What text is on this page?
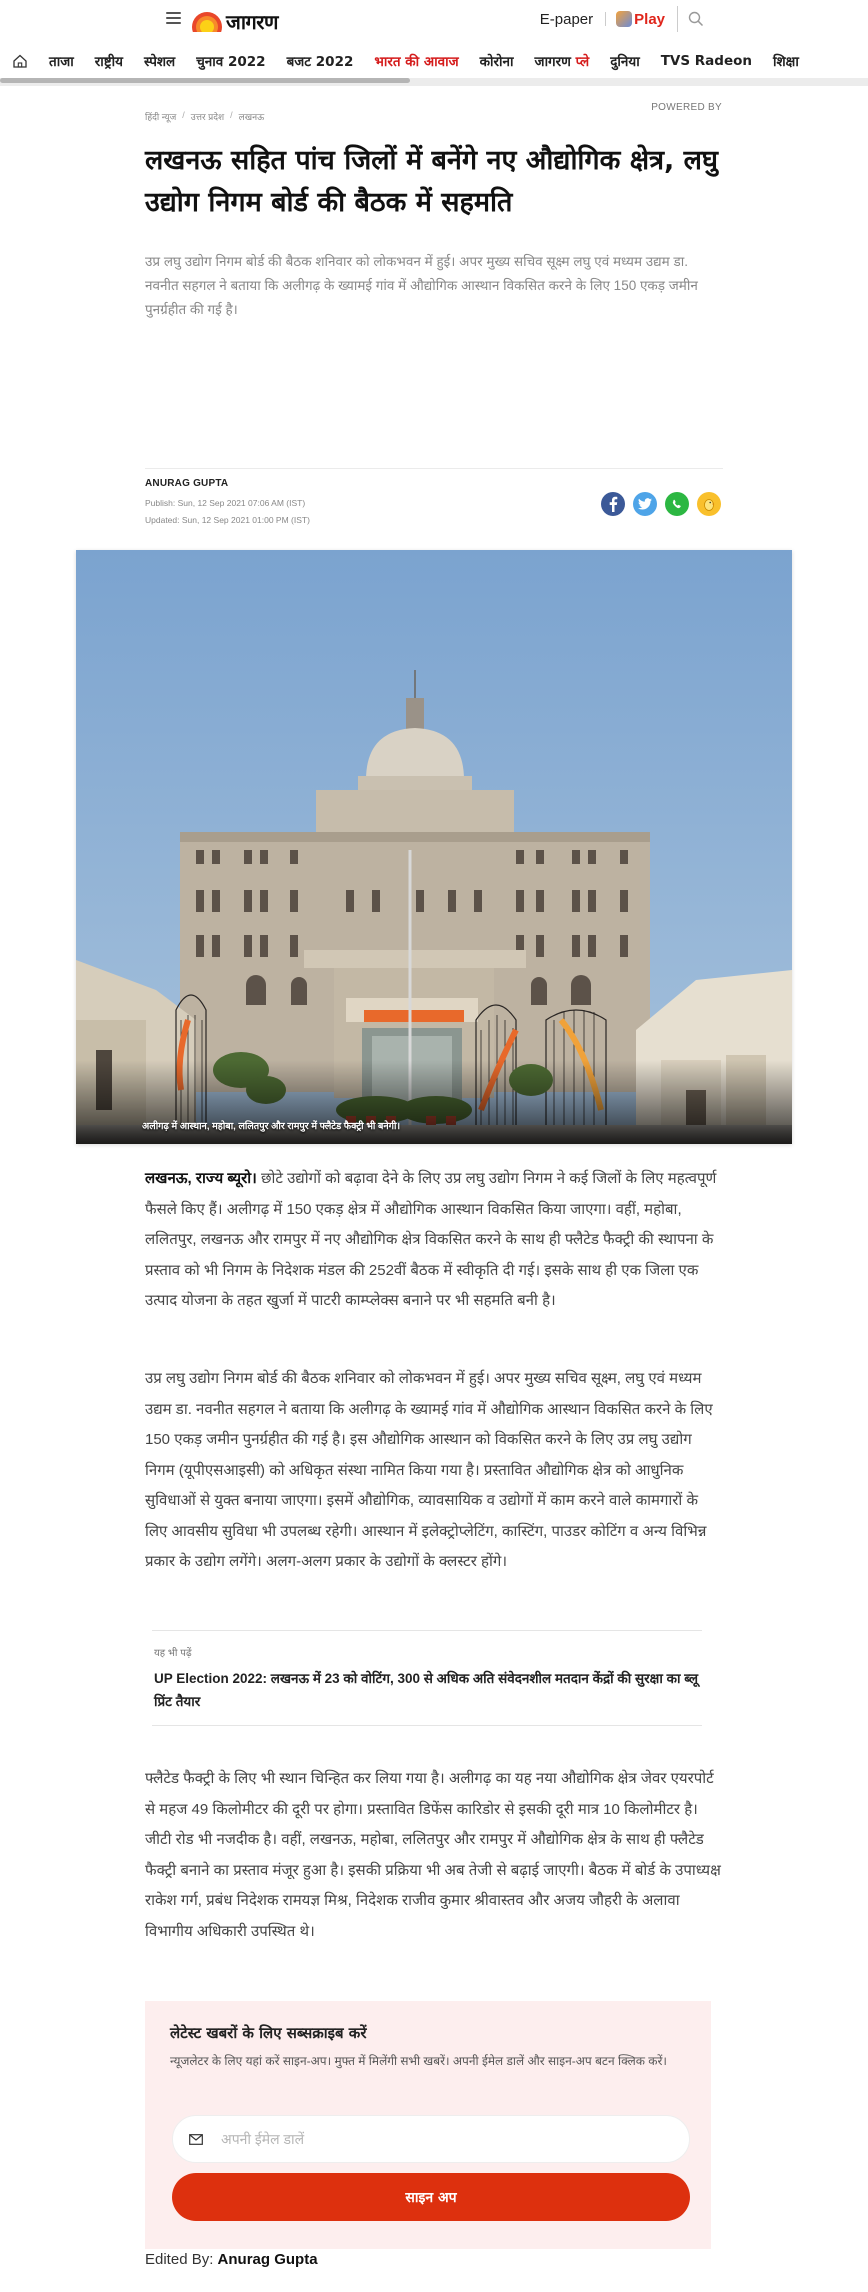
जागरण	E-paper	Play
ताजा राष्ट्रीय स्पेशल चुनाव 2022 बजट 2022 भारत की आवाज कोरोना जागरण प्ले दुनिया TVS Radeon शिक्षा
हिंदी न्यूज / उत्तर प्रदेश / लखनऊ
POWERED BY
लखनऊ सहित पांच जिलों में बनेंगे नए औद्योगिक क्षेत्र, लघु उद्योग निगम बोर्ड की बैठक में सहमति

उप्र लघु उद्योग निगम बोर्ड की बैठक शनिवार को लोकभवन में हुई। अपर मुख्य सचिव सूक्ष्म लघु एवं मध्यम उद्यम डा. नवनीत सहगल ने बताया कि अलीगढ़ के ख्यामई गांव में औद्योगिक आस्थान विकसित करने के लिए 150 एकड़ जमीन पुनर्ग्रहीत की गई है।

ANURAG GUPTA
Publish: Sun, 12 Sep 2021 07:06 AM (IST)
Updated: Sun, 12 Sep 2021 01:00 PM (IST)
अलीगढ़ में आस्थान, महोबा, ललितपुर और रामपुर में फ्लैटेड फैक्ट्री भी बनेगी।

लखनऊ, राज्य ब्यूरो। छोटे उद्योगों को बढ़ावा देने के लिए उप्र लघु उद्योग निगम ने कई जिलों के लिए महत्वपूर्ण फैसले किए हैं। अलीगढ़ में 150 एकड़ क्षेत्र में औद्योगिक आस्थान विकसित किया जाएगा। वहीं, महोबा, ललितपुर, लखनऊ और रामपुर में नए औद्योगिक क्षेत्र विकसित करने के साथ ही फ्लैटेड फैक्ट्री की स्थापना के प्रस्ताव को भी निगम के निदेशक मंडल की 252वीं बैठक में स्वीकृति दी गई। इसके साथ ही एक जिला एक उत्पाद योजना के तहत खुर्जा में पाटरी काम्प्लेक्स बनाने पर भी सहमति बनी है।

उप्र लघु उद्योग निगम बोर्ड की बैठक शनिवार को लोकभवन में हुई। अपर मुख्य सचिव सूक्ष्म, लघु एवं मध्यम उद्यम डा. नवनीत सहगल ने बताया कि अलीगढ़ के ख्यामई गांव में औद्योगिक आस्थान विकसित करने के लिए 150 एकड़ जमीन पुनर्ग्रहीत की गई है। इस औद्योगिक आस्थान को विकसित करने के लिए उप्र लघु उद्योग निगम (यूपीएसआइसी) को अधिकृत संस्था नामित किया गया है। प्रस्तावित औद्योगिक क्षेत्र को आधुनिक सुविधाओं से युक्त बनाया जाएगा। इसमें औद्योगिक, व्यावसायिक व उद्योगों में काम करने वाले कामगारों के लिए आवसीय सुविधा भी उपलब्ध रहेगी। आस्थान में इलेक्ट्रोप्लेटिंग, कास्टिंग, पाउडर कोटिंग व अन्य विभिन्न प्रकार के उद्योग लगेंगे। अलग-अलग प्रकार के उद्योगों के क्लस्टर होंगे।

यह भी पढ़ें
UP Election 2022: लखनऊ में 23 को वोटिंग, 300 से अधिक अति संवेदनशील मतदान केंद्रों की सुरक्षा का ब्लू प्रिंट तैयार

फ्लैटेड फैक्ट्री के लिए भी स्थान चिन्हित कर लिया गया है। अलीगढ़ का यह नया औद्योगिक क्षेत्र जेवर एयरपोर्ट से महज 49 किलोमीटर की दूरी पर होगा। प्रस्तावित डिफेंस कारिडोर से इसकी दूरी मात्र 10 किलोमीटर है। जीटी रोड भी नजदीक है। वहीं, लखनऊ, महोबा, ललितपुर और रामपुर में औद्योगिक क्षेत्र के साथ ही फ्लैटेड फैक्ट्री बनाने का प्रस्ताव मंजूर हुआ है। इसकी प्रक्रिया भी अब तेजी से बढ़ाई जाएगी। बैठक में बोर्ड के उपाध्यक्ष राकेश गर्ग, प्रबंध निदेशक रामयज्ञ मिश्र, निदेशक राजीव कुमार श्रीवास्तव और अजय जौहरी के अलावा विभागीय अधिकारी उपस्थित थे।

लेटेस्ट खबरों के लिए सब्सक्राइब करें
न्यूजलेटर के लिए यहां करें साइन-अप। मुफ्त में मिलेंगी सभी खबरें। अपनी ईमेल डालें और साइन-अप बटन क्लिक करें।
अपनी ईमेल डालें
साइन अप
Edited By: Anurag Gupta
